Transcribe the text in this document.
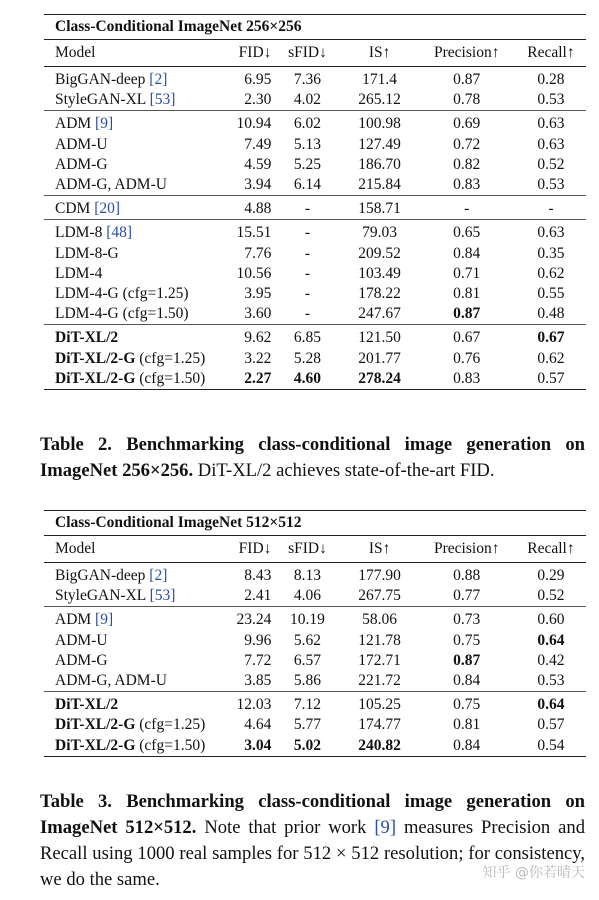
Class-Conditional ImageNet 256×256					
Model	FID↓	sFID↓	IS↑	Precision↑	Recall↑
BigGAN-deep [2]	6.95	7.36	171.4	0.87	0.28
StyleGAN-XL [53]	2.30	4.02	265.12	0.78	0.53
ADM [9]	10.94	6.02	100.98	0.69	0.63
ADM-U	7.49	5.13	127.49	0.72	0.63
ADM-G	4.59	5.25	186.70	0.82	0.52
ADM-G, ADM-U	3.94	6.14	215.84	0.83	0.53
CDM [20]	4.88	-	158.71	-	-
LDM-8 [48]	15.51	-	79.03	0.65	0.63
LDM-8-G	7.76	-	209.52	0.84	0.35
LDM-4	10.56	-	103.49	0.71	0.62
LDM-4-G (cfg=1.25)	3.95	-	178.22	0.81	0.55
LDM-4-G (cfg=1.50)	3.60	-	247.67	0.87	0.48
DiT-XL/2	9.62	6.85	121.50	0.67	0.67
DiT-XL/2-G (cfg=1.25)	3.22	5.28	201.77	0.76	0.62
DiT-XL/2-G (cfg=1.50)	2.27	4.60	278.24	0.83	0.57
Table 2. Benchmarking class-conditional image generation on ImageNet 256×256. DiT-XL/2 achieves state-of-the-art FID.
Class-Conditional ImageNet 512×512					
Model	FID↓	sFID↓	IS↑	Precision↑	Recall↑
BigGAN-deep [2]	8.43	8.13	177.90	0.88	0.29
StyleGAN-XL [53]	2.41	4.06	267.75	0.77	0.52
ADM [9]	23.24	10.19	58.06	0.73	0.60
ADM-U	9.96	5.62	121.78	0.75	0.64
ADM-G	7.72	6.57	172.71	0.87	0.42
ADM-G, ADM-U	3.85	5.86	221.72	0.84	0.53
DiT-XL/2	12.03	7.12	105.25	0.75	0.64
DiT-XL/2-G (cfg=1.25)	4.64	5.77	174.77	0.81	0.57
DiT-XL/2-G (cfg=1.50)	3.04	5.02	240.82	0.84	0.54
Table 3. Benchmarking class-conditional image generation on ImageNet 512×512. Note that prior work [9] measures Precision and Recall using 1000 real samples for 512 × 512 resolution; for consistency, we do the same.	知乎 @你若晴天
